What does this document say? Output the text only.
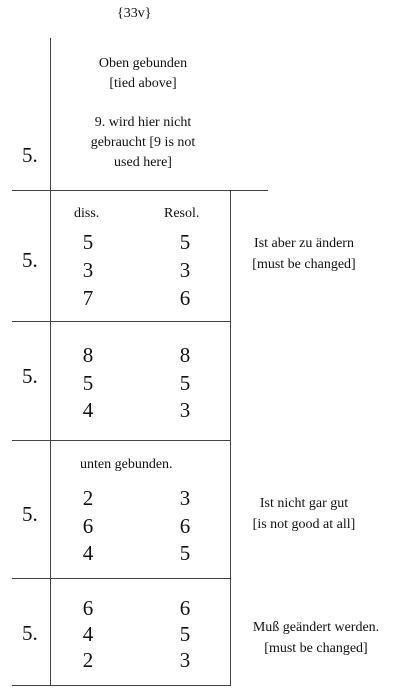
{33v}
Oben gebunden
[tied above]
9. wird hier nicht
gebraucht [9 is not
used here]
5.
diss.	Resol.
5.
5
3
7
5
3
6
Ist aber zu ändern
[must be changed]
5.
8
5
4
8
5
3
unten gebunden.
5.
2
6
4
3
6
5
Ist nicht gar gut
[is not good at all]
5.
6
4
2
6
5
3
Muß geändert werden.
[must be changed]
